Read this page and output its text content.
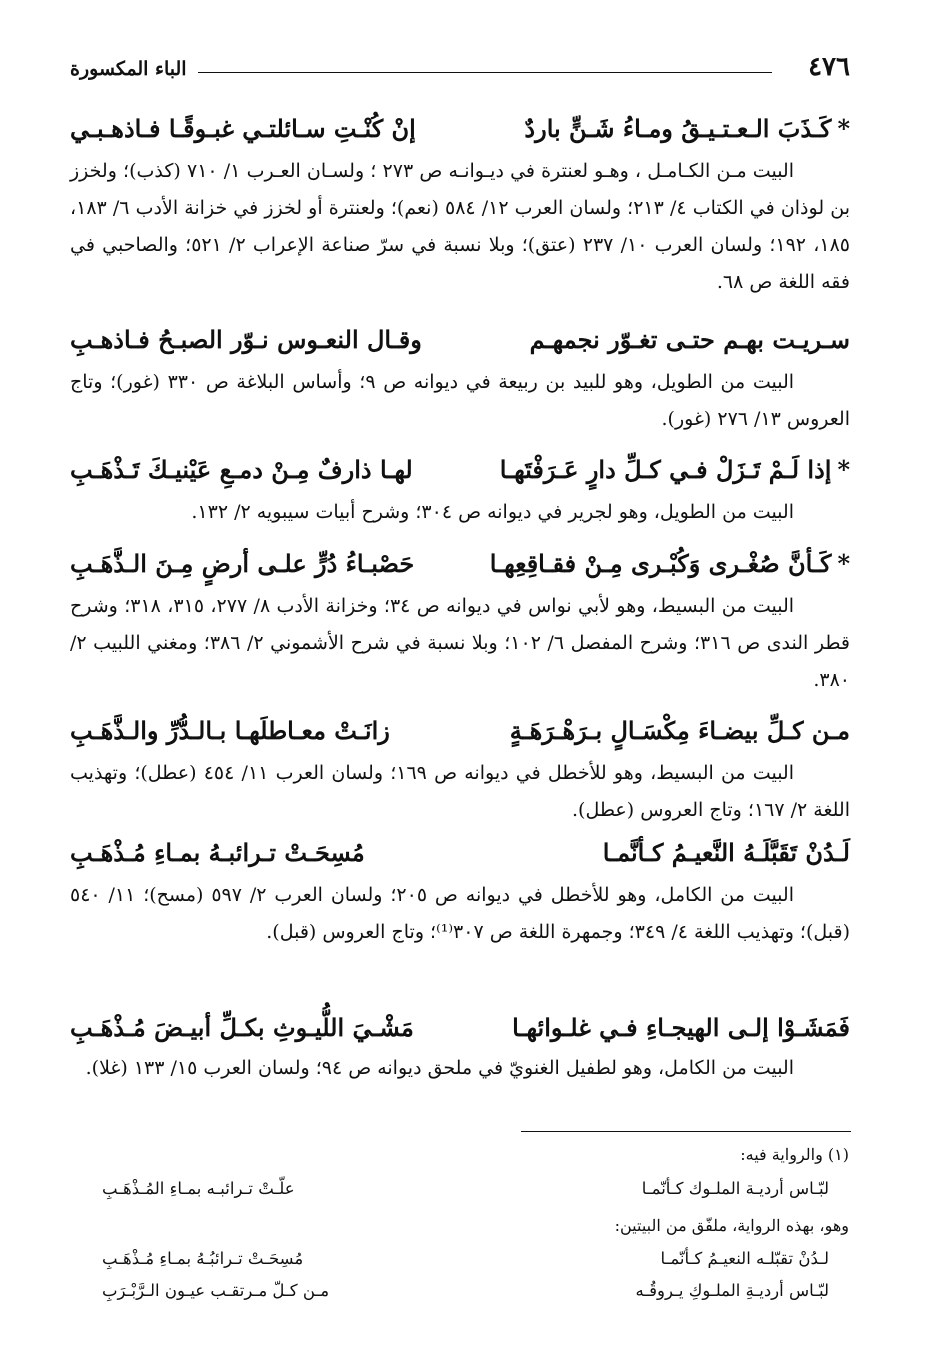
٤٧٦
الباء المكسورة
*كَـذَبَ الـعـتـيـقُ ومـاءُ شَـنٍّ باردٌ
إنْ كُنْـتِ سـائلتـي غبـوقًـا فـاذهـبـي

البيت مـن الكـامـل ، وهـو لعنترة في ديـوانـه ص ٢٧٣ ؛ ولسـان العـرب ١/ ٧١٠ (كذب)؛ ولخزز بن لوذان في الكتاب ٤/ ٢١٣؛ ولسان العرب ١٢/ ٥٨٤ (نعم)؛ ولعنترة أو لخزز في خزانة الأدب ٦/ ١٨٣، ١٨٥، ١٩٢؛ ولسان العرب ١٠/ ٢٣٧ (عتق)؛ وبلا نسبة في سرّ صناعة الإعراب ٢/ ٥٢١؛ والصاحبي في فقه اللغة ص ٦٨.

سـريـت بهـم حتـى تغـوّر نجمهـم
وقـال النعـوس نـوّر الصبـحُ فـاذهـبِ

البيت من الطويل، وهو للبيد بن ربيعة في ديوانه ص ٩؛ وأساس البلاغة ص ٣٣٠ (غور)؛ وتاج العروس ١٣/ ٢٧٦ (غور).

*إذا لَـمْ تَـزَلْ فـي كـلِّ دارٍ عَـرَفْتَهـا
لهـا ذارفٌ مِـنْ دمـعِ عَيْنيـكَ تَـذْهَـبِ

البيت من الطويل، وهو لجرير في ديوانه ص ٣٠٤؛ وشرح أبيات سيبويه ٢/ ١٣٢.

*كَـأنَّ صُغْـرى وَكُبْـرى مِـنْ فقـاقِعِهـا
حَصْبـاءُ دُرٍّ علـى أرضٍ مِـنَ الـذَّهَـبِ

البيت من البسيط، وهو لأبي نواس في ديوانه ص ٣٤؛ وخزانة الأدب ٨/ ٢٧٧، ٣١٥، ٣١٨؛ وشرح قطر الندى ص ٣١٦؛ وشرح المفصل ٦/ ١٠٢؛ وبلا نسبة في شرح الأشموني ٢/ ٣٨٦؛ ومغني اللبيب ٢/ ٣٨٠.

مـن كـلِّ بيضـاءَ مِكْسَـالٍ بـرَهْـرَهَـةٍ
زانَـتْ معـاطلَهـا بـالـدُّرِّ والـذَّهَـبِ

البيت من البسيط، وهو للأخطل في ديوانه ص ١٦٩؛ ولسان العرب ١١/ ٤٥٤ (عطل)؛ وتهذيب اللغة ٢/ ١٦٧؛ وتاج العروس (عطل).

لَـدُنْ تَقَبَّلَـهُ النَّعيـمُ كـأنَّمـا
مُسِحَـتْ تـرائبـهُ بمـاءِ مُـذْهَـبِ

البيت من الكامل، وهو للأخطل في ديوانه ص ٢٠٥؛ ولسان العرب ٢/ ٥٩٧ (مسح)؛ ١١/ ٥٤٠ (قبل)؛ وتهذيب اللغة ٤/ ٣٤٩؛ وجمهرة اللغة ص ٣٠٧⁽¹⁾؛ وتاج العروس (قبل).

فَمَشَـوْا إلـى الهيجـاءِ فـي غلـوائهـا
مَشْـيَ اللُّيـوثِ بكـلِّ أبيـضَ مُـذْهَـبِ

البيت من الكامل، وهو لطفيل الغنويّ في ملحق ديوانه ص ٩٤؛ ولسان العرب ١٥/ ١٣٣ (غلا).

(١) والرواية فيه:
لبّـاس أرديـة الملـوك كـأنّمـا
علّـتْ تـرائبـه بمـاءِ المُـذْهَـبِ
وهو، بهذه الرواية، ملفّق من البيتين:
لـدُنْ تقبّلـه النعيـمُ كـأنّمـا
مُسِحَـتْ تـرائبُـهُ بمـاءِ مُـذْهَـبِ
لبّـاس أرديـةِ الملـوكِ يـروقُـه
مـن كـلّ مـرتقـب عيـون الـرَّبْـرَبِ
